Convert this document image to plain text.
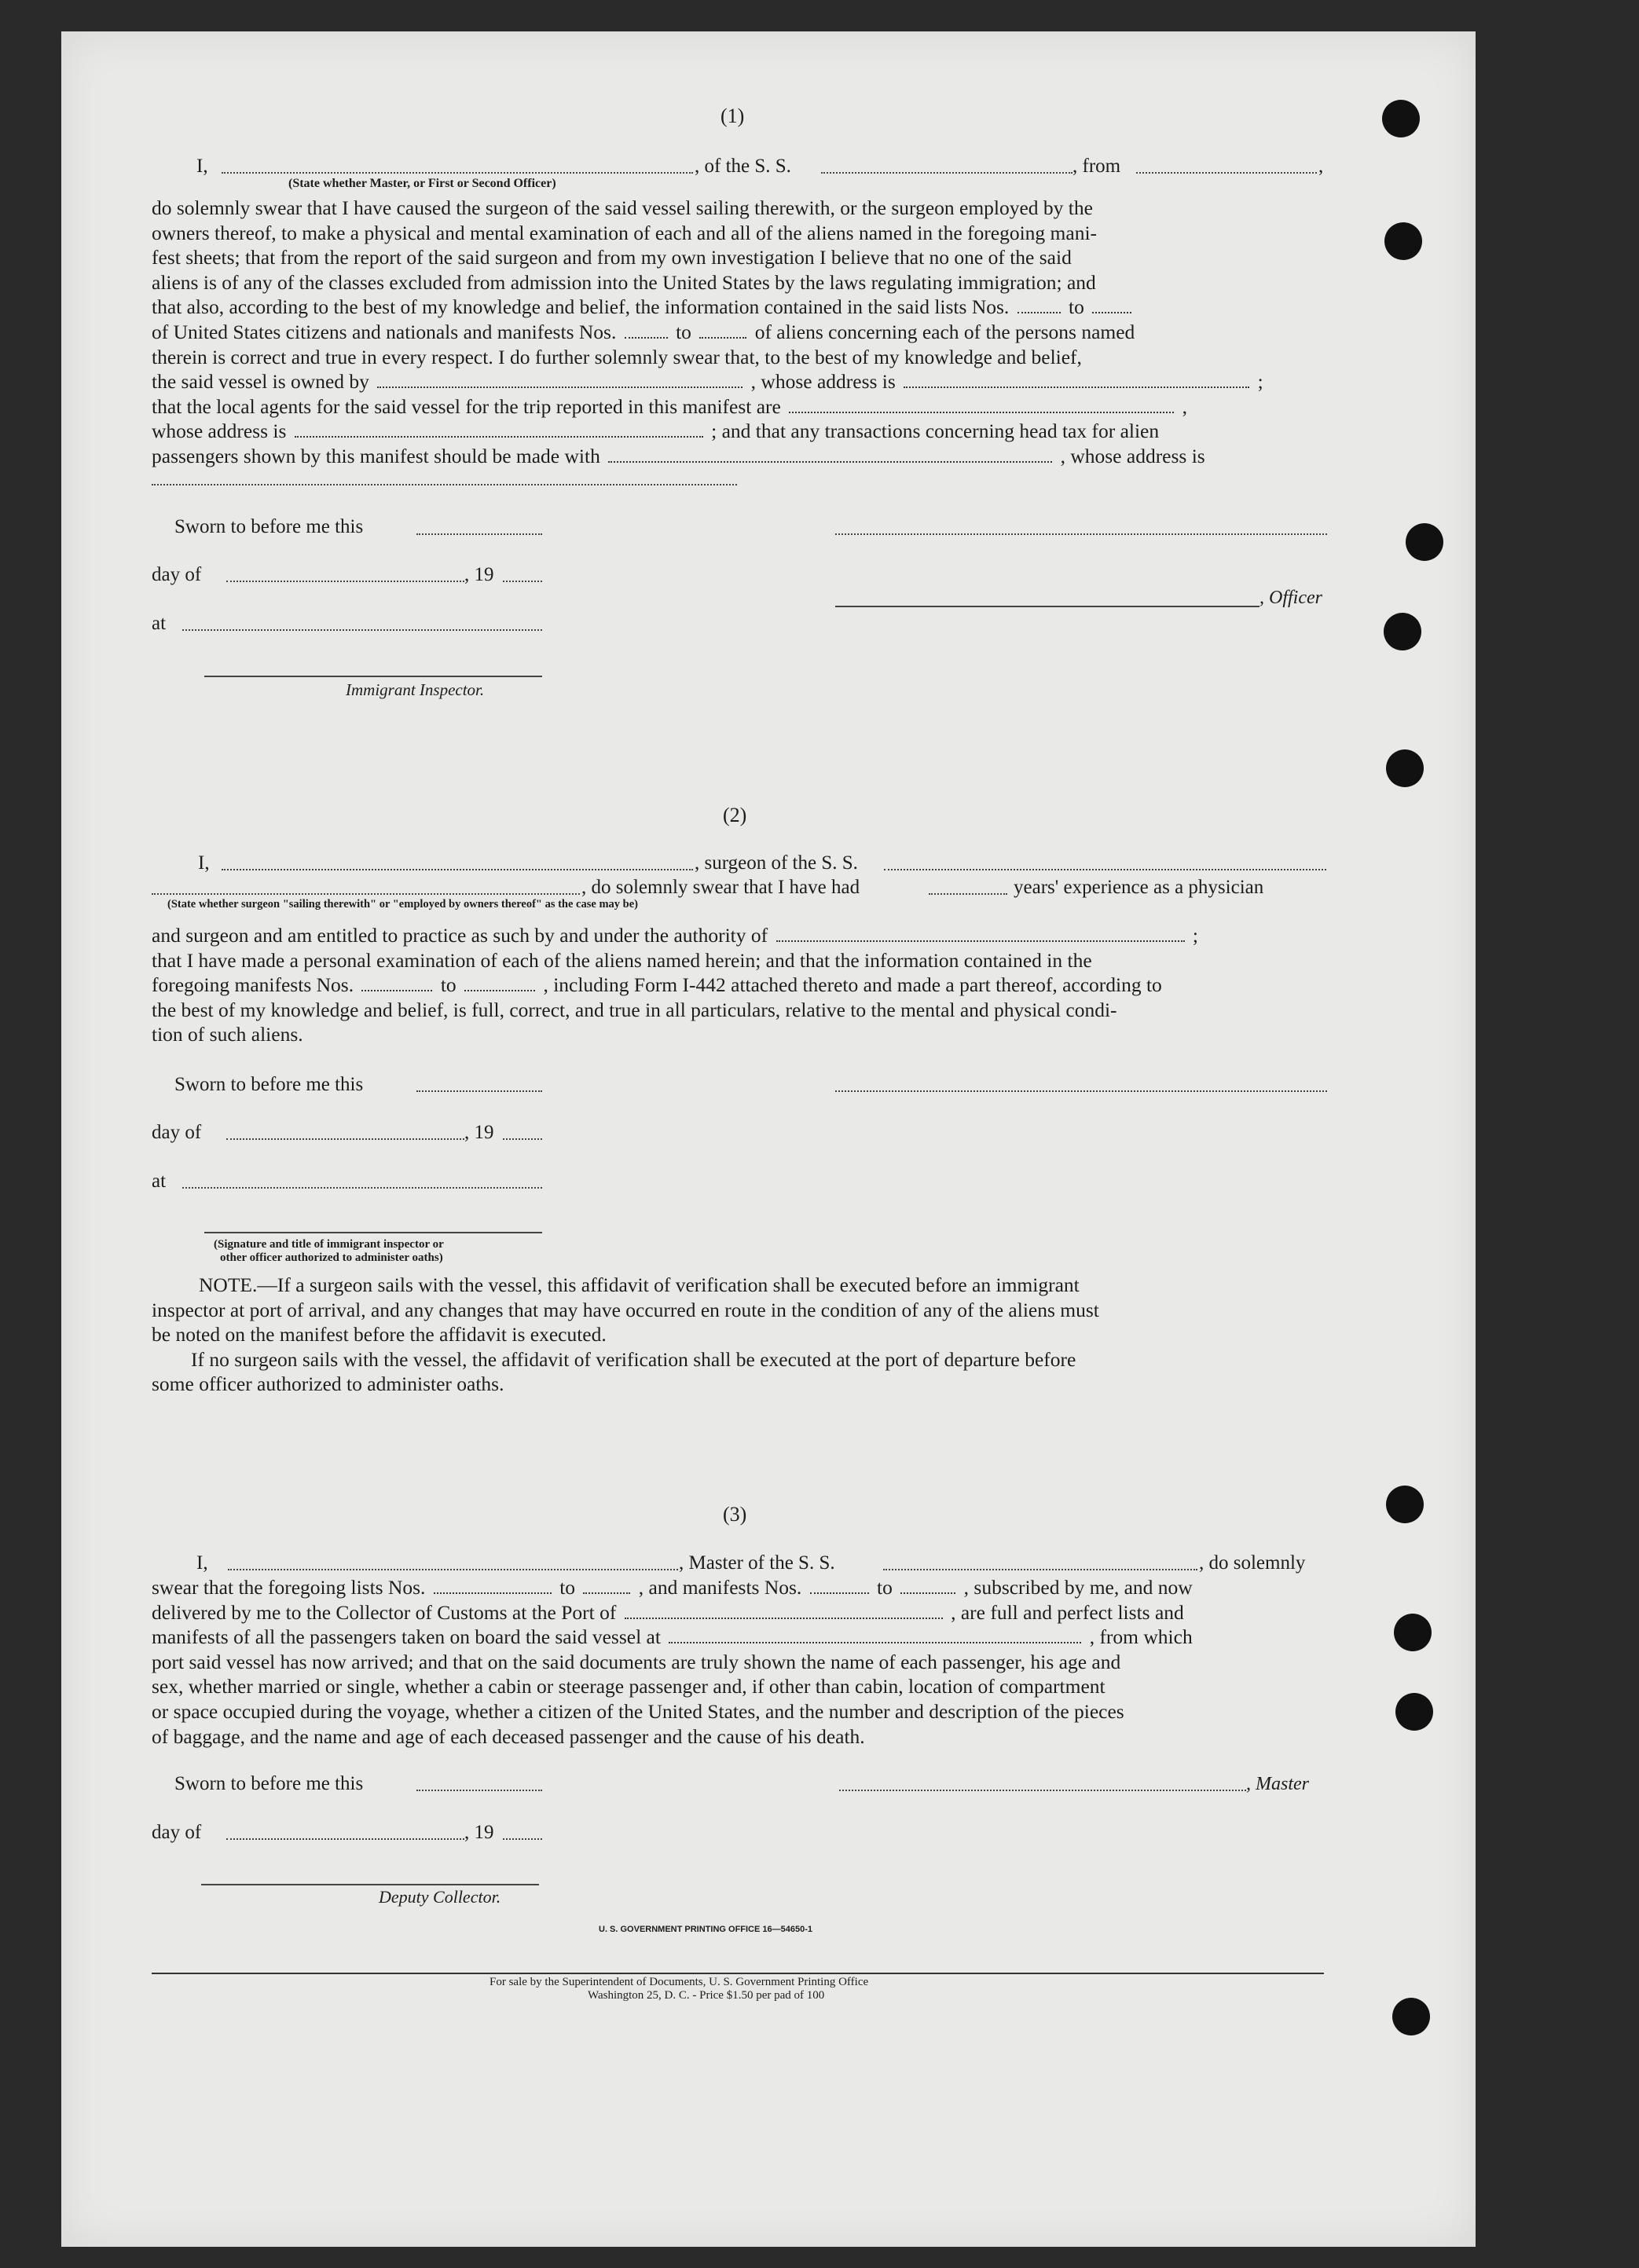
(1)
I,	, of the S. S.	, from	,
(State whether Master, or First or Second Officer)
do solemnly swear that I have caused the surgeon of the said vessel sailing therewith, or the surgeon employed by the
owners thereof, to make a physical and mental examination of each and all of the aliens named in the foregoing mani-
fest sheets; that from the report of the said surgeon and from my own investigation I believe that no one of the said
aliens is of any of the classes excluded from admission into the United States by the laws regulating immigration; and
that also, according to the best of my knowledge and belief, the information contained in the said lists Nos.	to
of United States citizens and nationals and manifests Nos.	to	of aliens concerning each of the persons named
therein is correct and true in every respect. I do further solemnly swear that, to the best of my knowledge and belief,
the said vessel is owned by	, whose address is	;
that the local agents for the said vessel for the trip reported in this manifest are	,
whose address is	; and that any transactions concerning head tax for alien
passengers shown by this manifest should be made with	, whose address is
Sworn to before me this
day of	, 19
, Officer
at
Immigrant Inspector.
(2)
I,	, surgeon of the S. S.
, do solemnly swear that I have had	years' experience as a physician
(State whether surgeon "sailing therewith" or "employed by owners thereof" as the case may be)
and surgeon and am entitled to practice as such by and under the authority of	;
that I have made a personal examination of each of the aliens named herein; and that the information contained in the
foregoing manifests Nos.	to	, including Form I-442 attached thereto and made a part thereof, according to
the best of my knowledge and belief, is full, correct, and true in all particulars, relative to the mental and physical condi-
tion of such aliens.
Sworn to before me this
day of	, 19
at
(Signature and title of immigrant inspector or
other officer authorized to administer oaths)
NOTE.—If a surgeon sails with the vessel, this affidavit of verification shall be executed before an immigrant
inspector at port of arrival, and any changes that may have occurred en route in the condition of any of the aliens must
be noted on the manifest before the affidavit is executed.
If no surgeon sails with the vessel, the affidavit of verification shall be executed at the port of departure before
some officer authorized to administer oaths.
(3)
I,	, Master of the S. S.	, do solemnly
swear that the foregoing lists Nos.	to	, and manifests Nos.	to	, subscribed by me, and now
delivered by me to the Collector of Customs at the Port of	, are full and perfect lists and
manifests of all the passengers taken on board the said vessel at	, from which
port said vessel has now arrived; and that on the said documents are truly shown the name of each passenger, his age and
sex, whether married or single, whether a cabin or steerage passenger and, if other than cabin, location of compartment
or space occupied during the voyage, whether a citizen of the United States, and the number and description of the pieces
of baggage, and the name and age of each deceased passenger and the cause of his death.
Sworn to before me this	, Master
day of	, 19
Deputy Collector.
U. S. GOVERNMENT PRINTING OFFICE 16—54650-1
For sale by the Superintendent of Documents, U. S. Government Printing Office
Washington 25, D. C. - Price $1.50 per pad of 100
